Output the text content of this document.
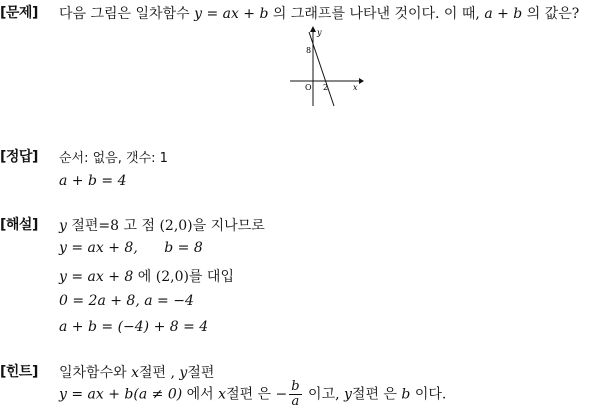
[문제] 다음 그림은 일차함수 y = ax + b 의 그래프를 나타낸 것이다. 이 때, a + b 의 값은?
y
x
8
2
O
[정답] 순서: 없음, 갯수: 1
a + b = 4
[해설] y 절편=8 고 점 (2,0)을 지나므로
y = ax + 8, b = 8
y = ax + 8 에 (2,0)를 대입
0 = 2a + 8, a = −4
a + b = (−4) + 8 = 4
[힌트] 일차함수와 x절편 , y절편
y = ax + b(a ≠ 0) 에서 x절편 은 − $\frac{b}{a}$ 이고, y절편 은 b 이다.
